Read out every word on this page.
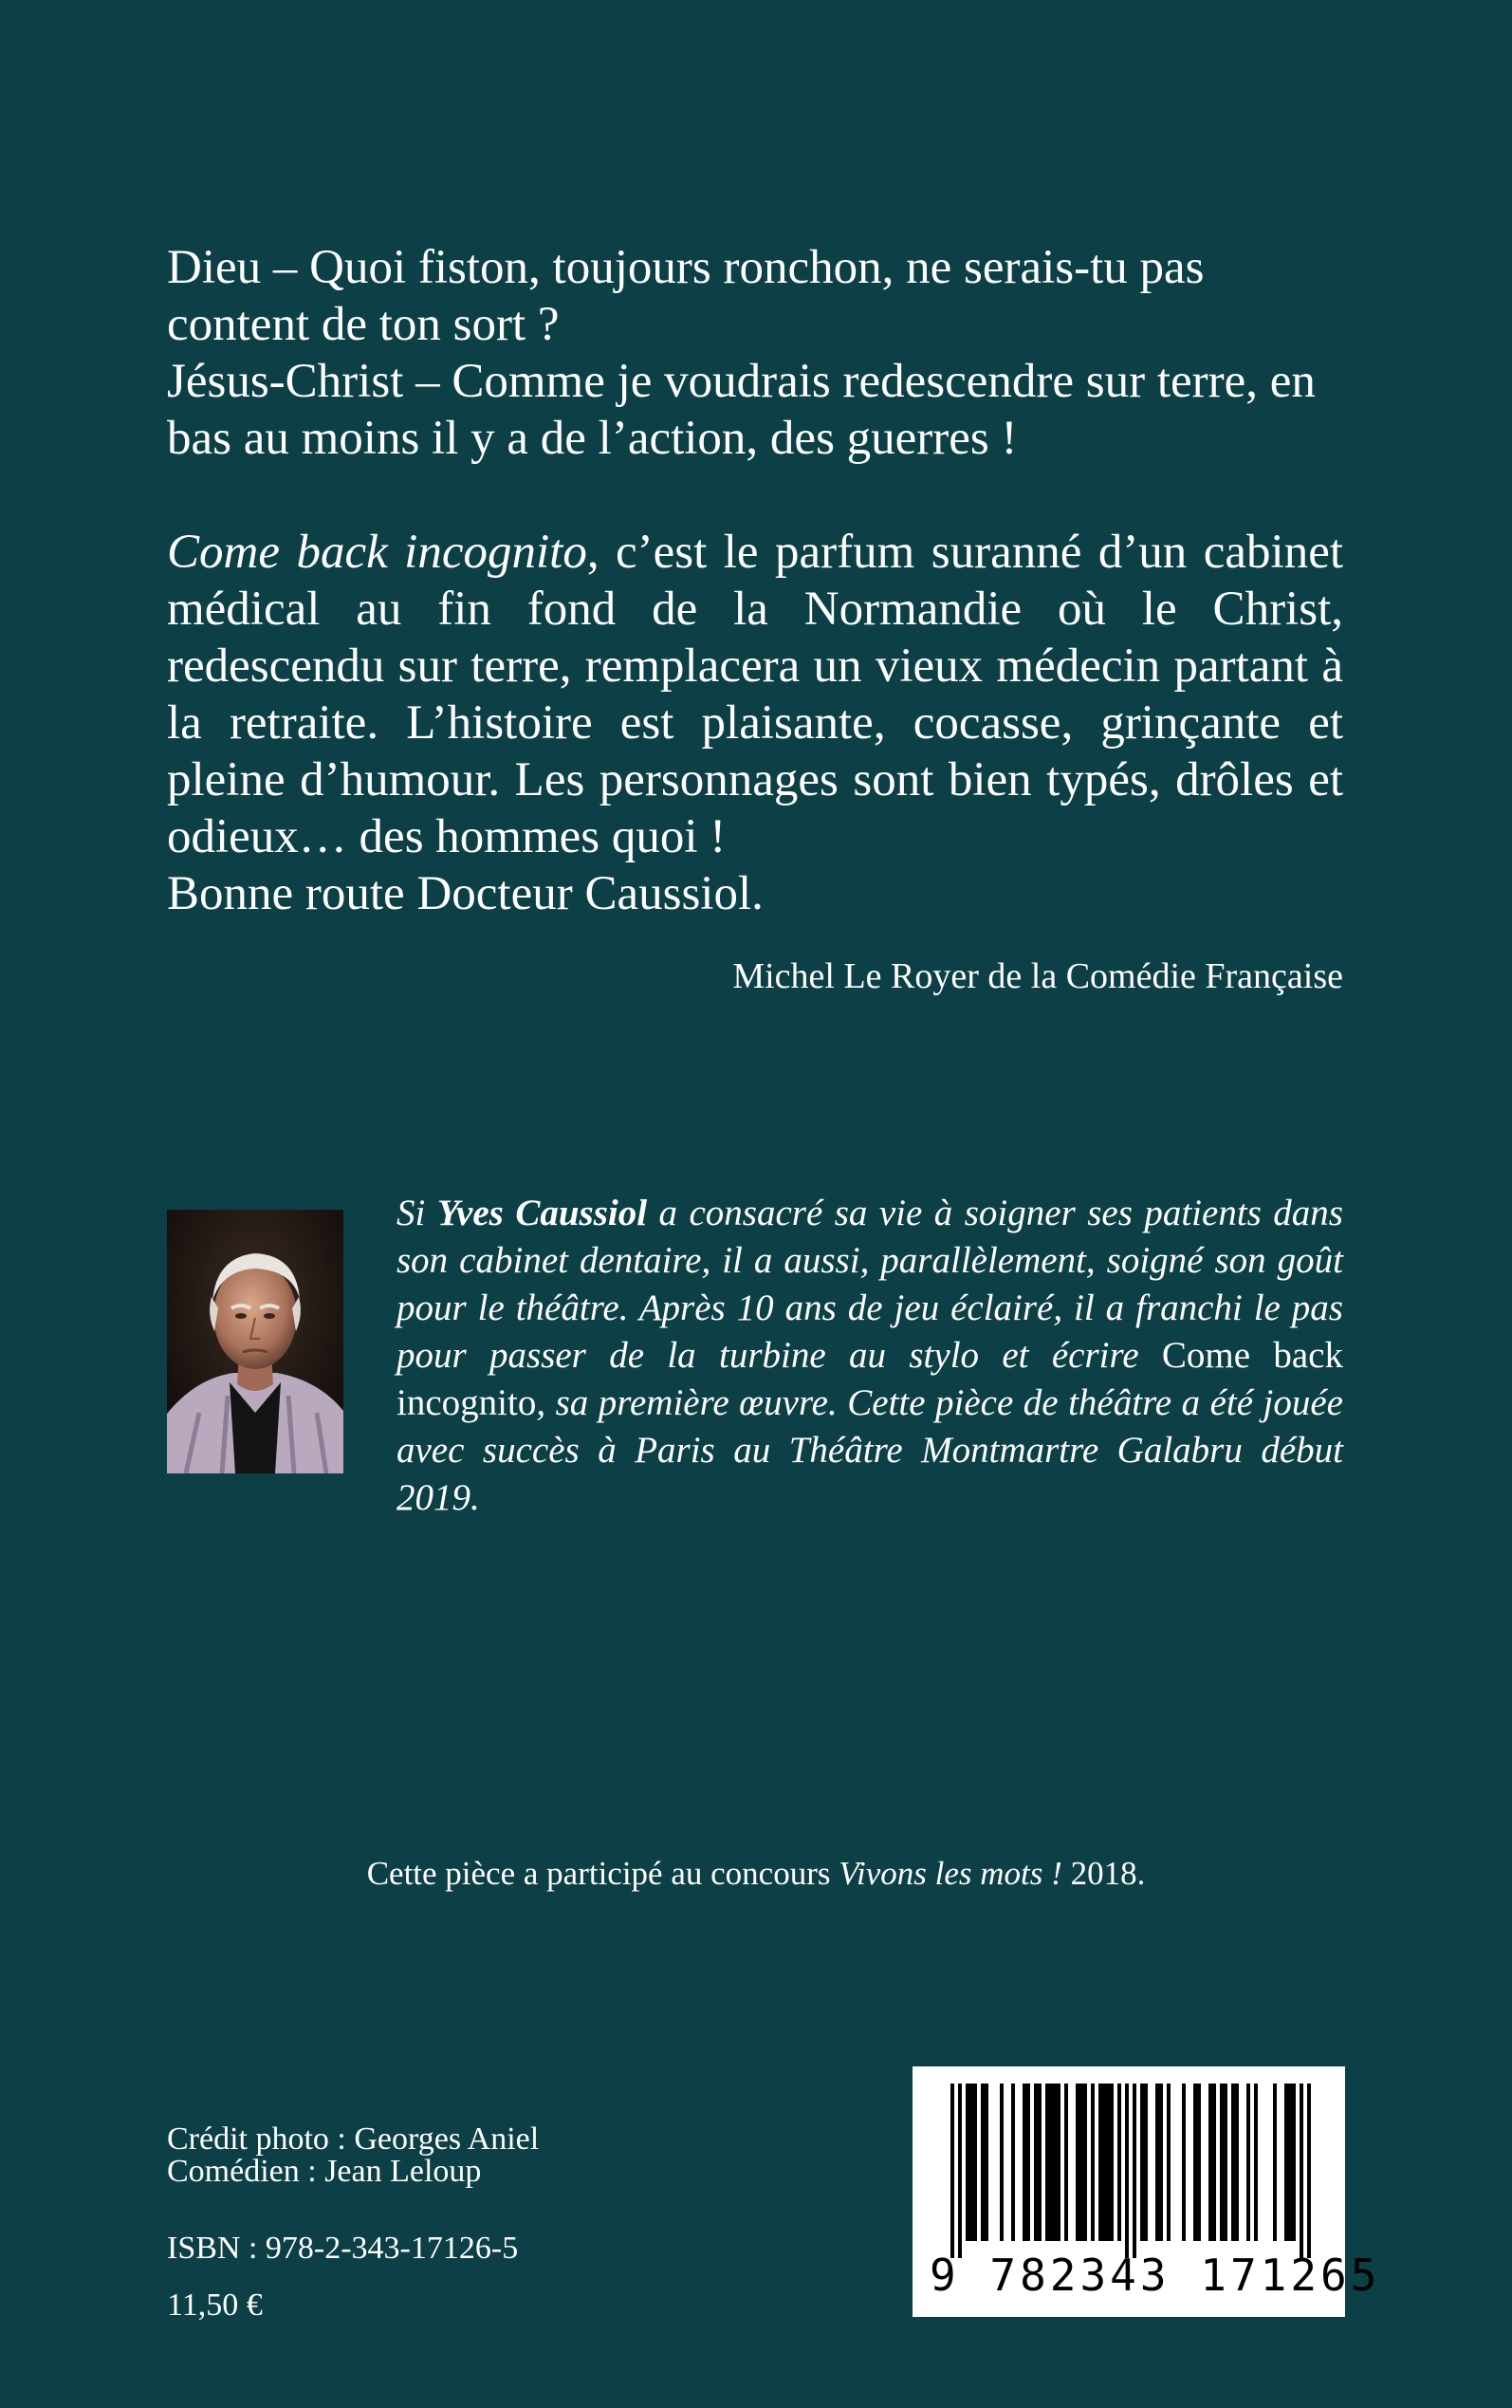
Dieu – Quoi fiston, toujours ronchon, ne serais-tu pas content de ton sort ?

Jésus-Christ – Comme je voudrais redescendre sur terre, en bas au moins il y a de l’action, des guerres !

Come back incognito, c’est le parfum suranné d’un cabinet médical au fin fond de la Normandie où le Christ, redescendu sur terre, remplacera un vieux médecin partant à la retraite. L’histoire est plaisante, cocasse, grinçante et pleine d’humour. Les personnages sont bien typés, drôles et odieux… des hommes quoi !

Bonne route Docteur Caussiol.

Michel Le Royer de la Comédie Française
Si Yves Caussiol a consacré sa vie à soigner ses patients dans son cabinet dentaire, il a aussi, parallèlement, soigné son goût pour le théâtre. Après 10 ans de jeu éclairé, il a franchi le pas pour passer de la turbine au stylo et écrire Come back incognito, sa première œuvre. Cette pièce de théâtre a été jouée avec succès à Paris au Théâtre Montmartre Galabru début 2019.
Cette pièce a participé au concours Vivons les mots ! 2018.
Crédit photo : Georges Aniel
Comédien : Jean Leloup
ISBN : 978-2-343-17126-5
11,50 €
9 782343 171265
